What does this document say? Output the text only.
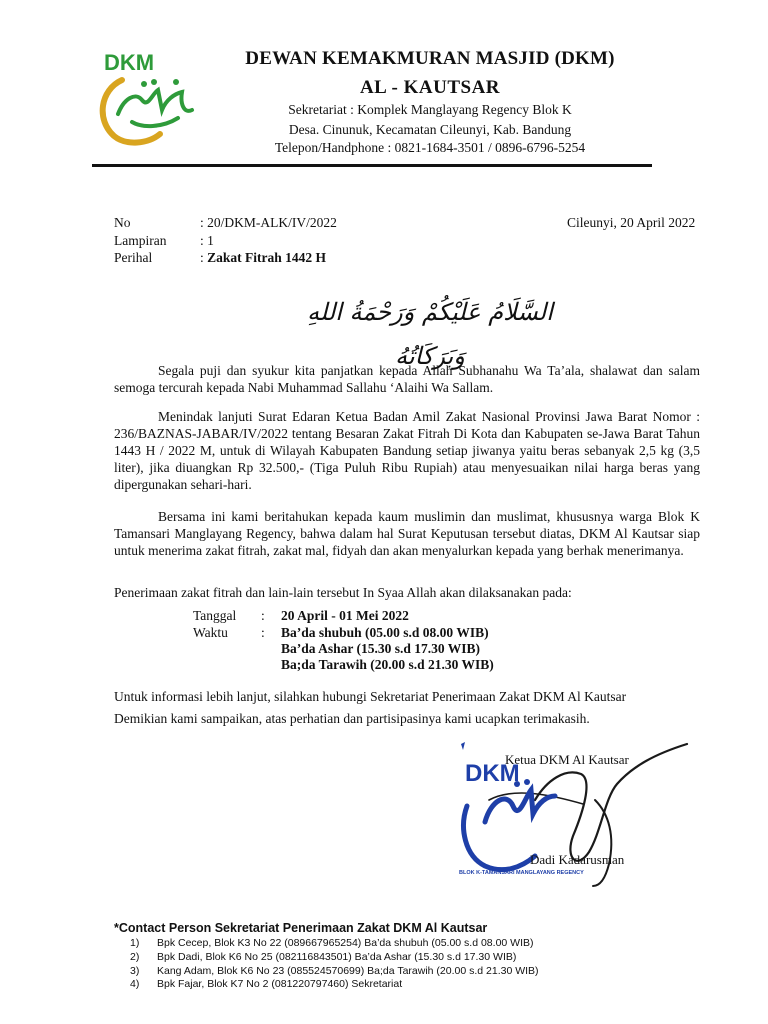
DKM	DEWAN KEMAKMURAN MASJID (DKM)
AL - KAUTSAR
Sekretariat : Komplek Manglayang Regency Blok K
Desa. Cinunuk, Kecamatan Cileunyi, Kab. Bandung
Telepon/Handphone : 0821-1684-3501 / 0896-6796-5254
No	: 20/DKM-ALK/IV/2022
Lampiran : 1
Perihal	: Zakat Fitrah 1442 H
Cileunyi, 20 April 2022
السَّلَامُ عَلَيْكُمْ وَرَحْمَةُ اللهِ وَبَرَكَاتُهُ
Segala puji dan syukur kita panjatkan kepada Allah Subhanahu Wa Ta’ala, shalawat dan salam semoga tercurah kepada Nabi Muhammad Sallahu ‘Alaihi Wa Sallam.
Menindak lanjuti Surat Edaran Ketua Badan Amil Zakat Nasional Provinsi Jawa Barat Nomor : 236/BAZNAS-JABAR/IV/2022 tentang Besaran Zakat Fitrah Di Kota dan Kabupaten se-Jawa Barat Tahun 1443 H / 2022 M, untuk di Wilayah Kabupaten Bandung setiap jiwanya yaitu beras sebanyak 2,5 kg (3,5 liter), jika diuangkan Rp 32.500,- (Tiga Puluh Ribu Rupiah) atau menyesuaikan nilai harga beras yang dipergunakan sehari-hari.
Bersama ini kami beritahukan kepada kaum muslimin dan muslimat, khususnya warga Blok K Tamansari Manglayang Regency, bahwa dalam hal Surat Keputusan tersebut diatas, DKM Al Kautsar siap untuk menerima zakat fitrah, zakat mal, fidyah dan akan menyalurkan kepada yang berhak menerimanya.
Penerimaan zakat fitrah dan lain-lain tersebut In Syaa Allah akan dilaksanakan pada:
Tanggal : 20 April - 01 Mei 2022
Waktu : Ba’da shubuh (05.00 s.d 08.00 WIB)
Ba’da Ashar (15.30 s.d 17.30 WIB)
Ba;da Tarawih (20.00 s.d 21.30 WIB)
Untuk informasi lebih lanjut, silahkan hubungi Sekretariat Penerimaan Zakat DKM Al Kautsar
Demikian kami sampaikan, atas perhatian dan partisipasinya kami ucapkan terimakasih.
Ketua DKM Al Kautsar
DKM
BLOK K-TAMANSARI MANGLAYANG REGENCY
Dadi Kadarusman
*Contact Person Sekretariat Penerimaan Zakat DKM Al Kautsar
1) Bpk Cecep, Blok K3 No 22 (089667965254) Ba’da shubuh (05.00 s.d 08.00 WIB)
2) Bpk Dadi, Blok K6 No 25 (082116843501) Ba’da Ashar (15.30 s.d 17.30 WIB)
3) Kang Adam, Blok K6 No 23 (085524570699) Ba;da Tarawih (20.00 s.d 21.30 WIB)
4) Bpk Fajar, Blok K7 No 2 (081220797460) Sekretariat
